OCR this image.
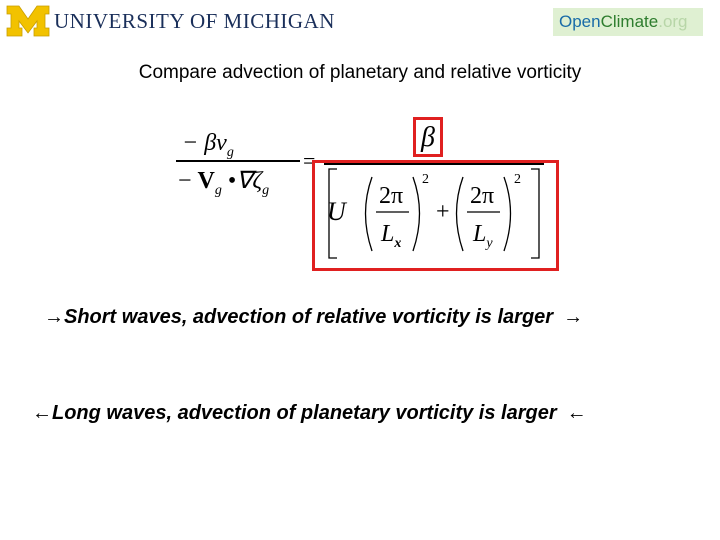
UNIVERSITY OF MICHIGAN	Open Climate .org
Compare advection of planetary and relative vorticity
− $\beta v_g$
− $V_g$ $•\nabla\zeta_g$
=
β
U
2π
$L_x$
2
+
2π
$L_y$
2
→ Short waves, advection of relative vorticity is larger →
← Long waves, advection of planetary vorticity is larger ←
